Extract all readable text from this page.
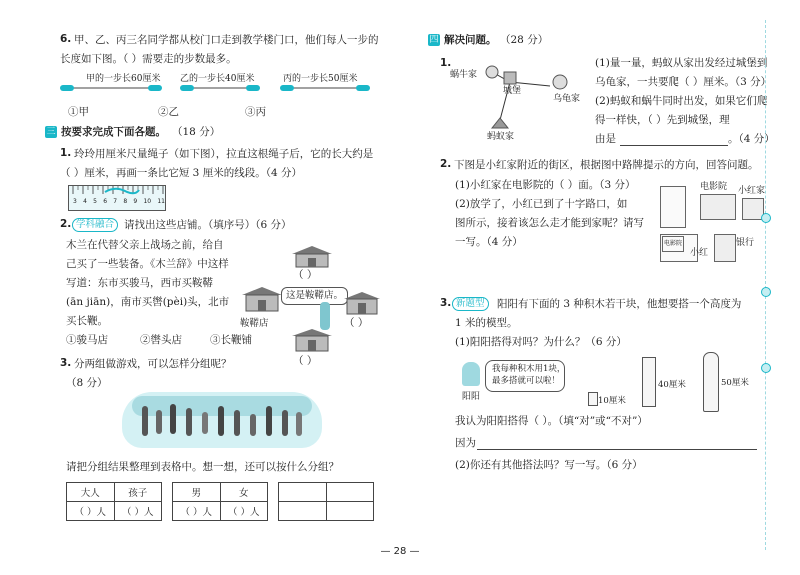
6. 甲、乙、丙三名同学都从校门口走到教学楼门口，他们每人一步的
长度如下图。（ ）需要走的步数最多。
甲的一步长60厘米 乙的一步长40厘米	丙的一步长50厘米
①甲	②乙	③丙
三 按要求完成下面各题。 （18 分）
1. 玲玲用厘米尺量绳子（如下图），拉直这根绳子后，它的长大约是
（ ）厘米，再画一条比它短 3 厘米的线段。（4 分）
3 4 5 6 7 8 9 10 11
2. 学科融合 请找出这些店铺。（填序号）（6 分）
木兰在代替父亲上战场之前，给自
己买了一些装备。《木兰辞》中这样
写道：东市买骏马，西市买鞍鞯
(ān jiān)，南市买辔(pèi)头，北市
买长鞭。
①骏马店	②辔头店	③长鞭铺
（ ）
鞍鞯店
这是鞍鞯店。
（ ）
（ ）
3. 分两组做游戏，可以怎样分组呢？
（8 分）
请把分组结果整理到表格中。想一想，还可以按什么分组？
大人	孩子
（ ）人	（ ）人
男	女
（ ）人	（ ）人

四 解决问题。 （28 分）
1.
蜗牛家
城堡
乌龟家
蚂蚁家
(1)量一量，蚂蚁从家出发经过城堡到
乌龟家，一共要爬（ ）厘米。（3 分）
(2)蚂蚁和蜗牛同时出发，如果它们爬
得一样快，（ ）先到城堡，理
由是	。（4 分）
2. 下图是小红家附近的街区，根据图中路牌提示的方向，回答问题。
(1)小红家在电影院的（ ）面。（3 分）
(2)放学了，小红已到了十字路口，如
图所示，接着该怎么走才能到家呢？请写
一写。（4 分）
电影院 小红家
电影院	银行
小红
3. 新题型	阳阳有下面的 3 种积木若干块，他想要搭一个高度为
1 米的模型。
(1)阳阳搭得对吗？为什么？（6 分）
阳阳
我每种积木用1块，
最多搭就可以啦！
10厘米
40厘米	50厘米
我认为阳阳搭得（ ）。（填“对”或“不对”）
因为
(2)你还有其他搭法吗？写一写。（6 分）
— 28 —
